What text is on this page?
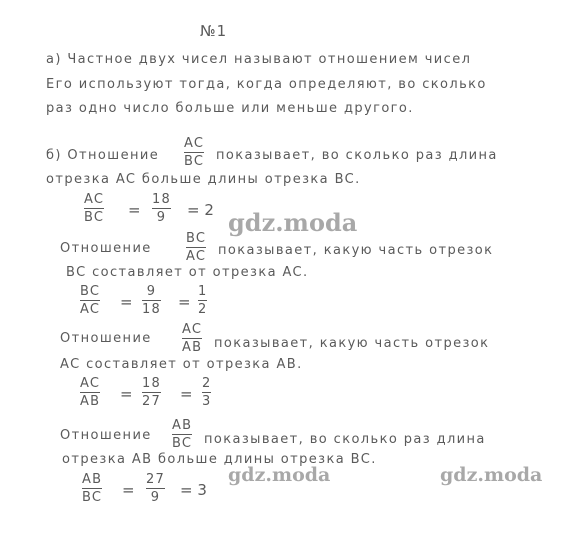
№1
а) Частное двух чисел называют отношением чисел
Его используют тогда, когда определяют, во сколько
раз одно число больше или меньше другого.
б) Отношение
AC
BC показывает, во сколько раз длина
отрезка AC больше длины отрезка BC.
AC
BC =
18
9 = 2
Отношение
BC
AC показывает, какую часть отрезок
BC составляет от отрезка AC.
BC
AC =
9
18 =
1
2
Отношение
AC
AB показывает, какую часть отрезок
AC составляет от отрезка AB.
AC
AB =
18
27 =
2
3
Отношение
AB
BC показывает, во сколько раз длина
отрезка AB больше длины отрезка BC.
AB
BC =
27
9 = 3
gdz.moda
gdz.moda	gdz.moda
